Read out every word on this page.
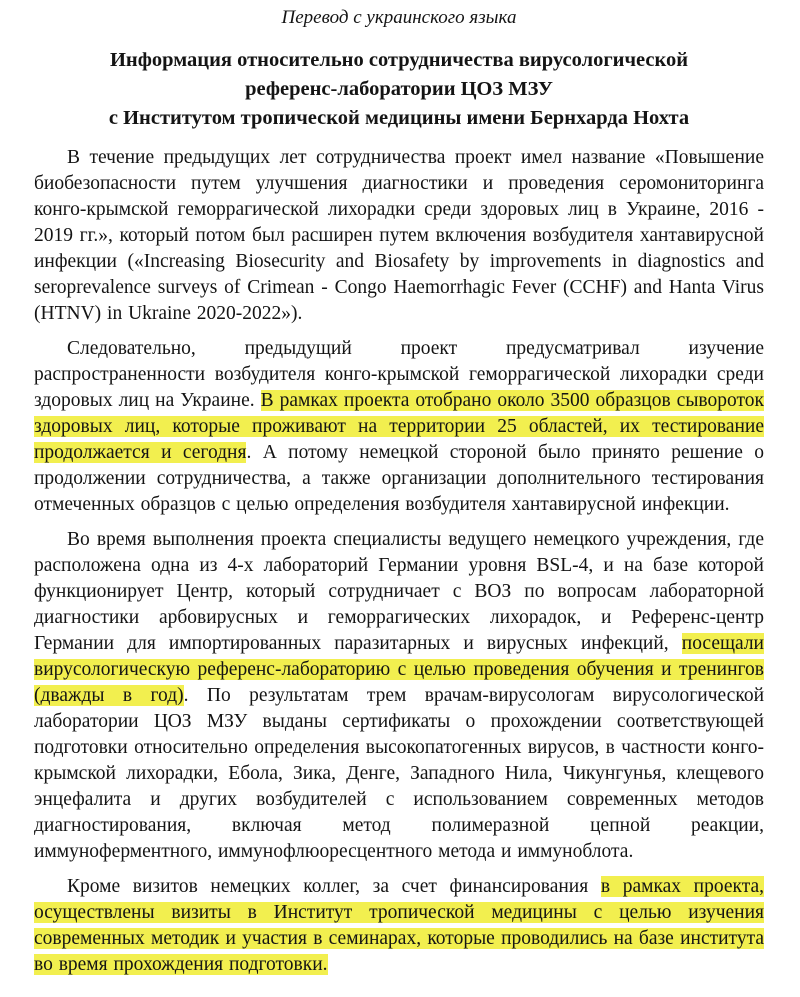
Перевод с украинского языка
Информация относительно сотрудничества вирусологической
референс-лаборатории ЦОЗ МЗУ
с Институтом тропической медицины имени Бернхарда Нохта

В течение предыдущих лет сотрудничества проект имел название «Повышение биобезопасности путем улучшения диагностики и проведения серомониторинга конго-крымской геморрагической лихорадки среди здоровых лиц в Украине, 2016 - 2019 гг.», который потом был расширен путем включения возбудителя хантавирусной инфекции («Increasing Biosecurity and Biosafety by improvements in diagnostics and seroprevalence surveys of Crimean - Congo Haemorrhagic Fever (CCHF) and Hanta Virus (HTNV) in Ukraine 2020-2022»).

Следовательно, предыдущий проект предусматривал изучение распространенности возбудителя конго-крымской геморрагической лихорадки среди здоровых лиц на Украине. В рамках проекта отобрано около 3500 образцов сывороток здоровых лиц, которые проживают на территории 25 областей, их тестирование продолжается и сегодня. А потому немецкой стороной было принято решение о продолжении сотрудничества, а также организации дополнительного тестирования отмеченных образцов с целью определения возбудителя хантавирусной инфекции.

Во время выполнения проекта специалисты ведущего немецкого учреждения, где расположена одна из 4-х лабораторий Германии уровня BSL-4, и на базе которой функционирует Центр, который сотрудничает с ВОЗ по вопросам лабораторной диагностики арбовирусных и геморрагических лихорадок, и Референс-центр Германии для импортированных паразитарных и вирусных инфекций, посещали вирусологическую референс-лабораторию с целью проведения обучения и тренингов (дважды в год). По результатам трем врачам-вирусологам вирусологической лаборатории ЦОЗ МЗУ выданы сертификаты о прохождении соответствующей подготовки относительно определения высокопатогенных вирусов, в частности конго-крымской лихорадки, Ебола, Зика, Денге, Западного Нила, Чикунгунья, клещевого энцефалита и других возбудителей с использованием современных методов диагностирования, включая метод полимеразной цепной реакции, иммуноферментного, иммунофлюоресцентного метода и иммуноблота.

Кроме визитов немецких коллег, за счет финансирования в рамках проекта, осуществлены визиты в Институт тропической медицины с целью изучения современных методик и участия в семинарах, которые проводились на базе института во время прохождения подготовки.
